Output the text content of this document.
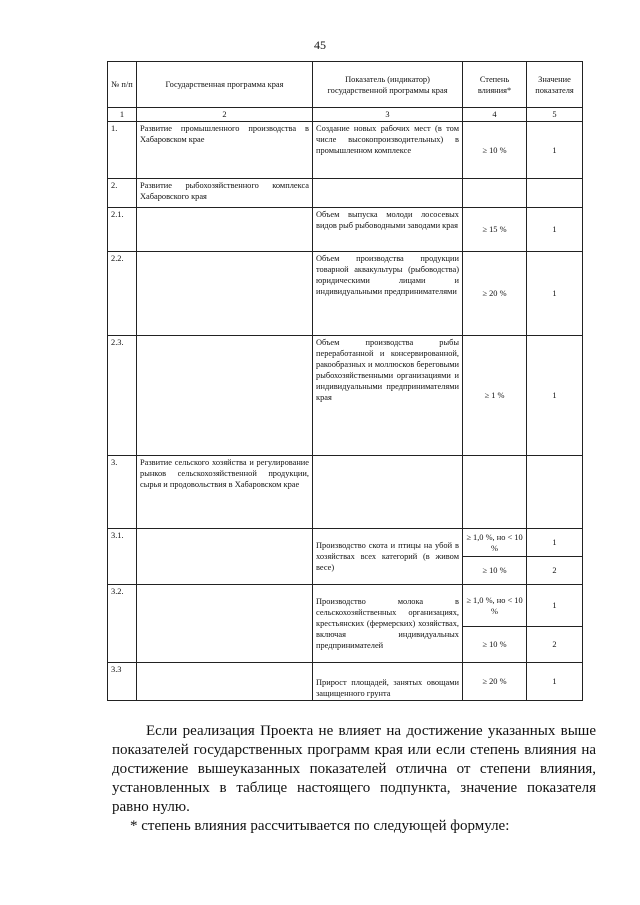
45
№ п/п	Государственная программа края	Показатель (индикатор) государственной программы края	Степень влияния*	Значение показателя
1	2	3	4	5
1.	Развитие промышленного производства в Хабаровском крае	Создание новых рабочих мест (в том числе высокопроизводительных) в промышленном комплексе	≥ 10 %	1
2.	Развитие рыбохозяйственного комплекса Хабаровского края			
2.1.		Объем выпуска молоди лососевых видов рыб рыбоводными заводами края	≥ 15 %	1
2.2.		Объем производства продукции товарной аквакультуры (рыбоводства) юридическими лицами и индивидуальными предпринимателями	≥ 20 %	1
2.3.		Объем производства рыбы переработанной и консервированной, ракообразных и моллюсков береговыми рыбохозяйственными организациями и индивидуальными предпринимателями края	≥ 1 %	1
3.	Развитие сельского хозяйства и регулирование рынков сельскохозяйственной продукции, сырья и продовольствия в Хабаровском крае			
3.1.		Производство скота и птицы на убой в хозяйствах всех категорий (в живом весе)	≥ 1,0 %, но < 10 %	1
			≥ 10 %	2
3.2.		Производство молока в сельскохозяйственных организациях, крестьянских (фермерских) хозяйствах, включая индивидуальных предпринимателей	≥ 1,0 %, но < 10 %	1
			≥ 10 %	2
3.3		Прирост площадей, занятых овощами защищенного грунта	≥ 20 %	1
Если реализация Проекта не влияет на достижение указанных выше показателей государственных программ края или если степень влияния на достижение вышеуказанных показателей отлична от степени влияния, установленных в таблице настоящего подпункта, значение показателя равно нулю.
* степень влияния рассчитывается по следующей формуле:
